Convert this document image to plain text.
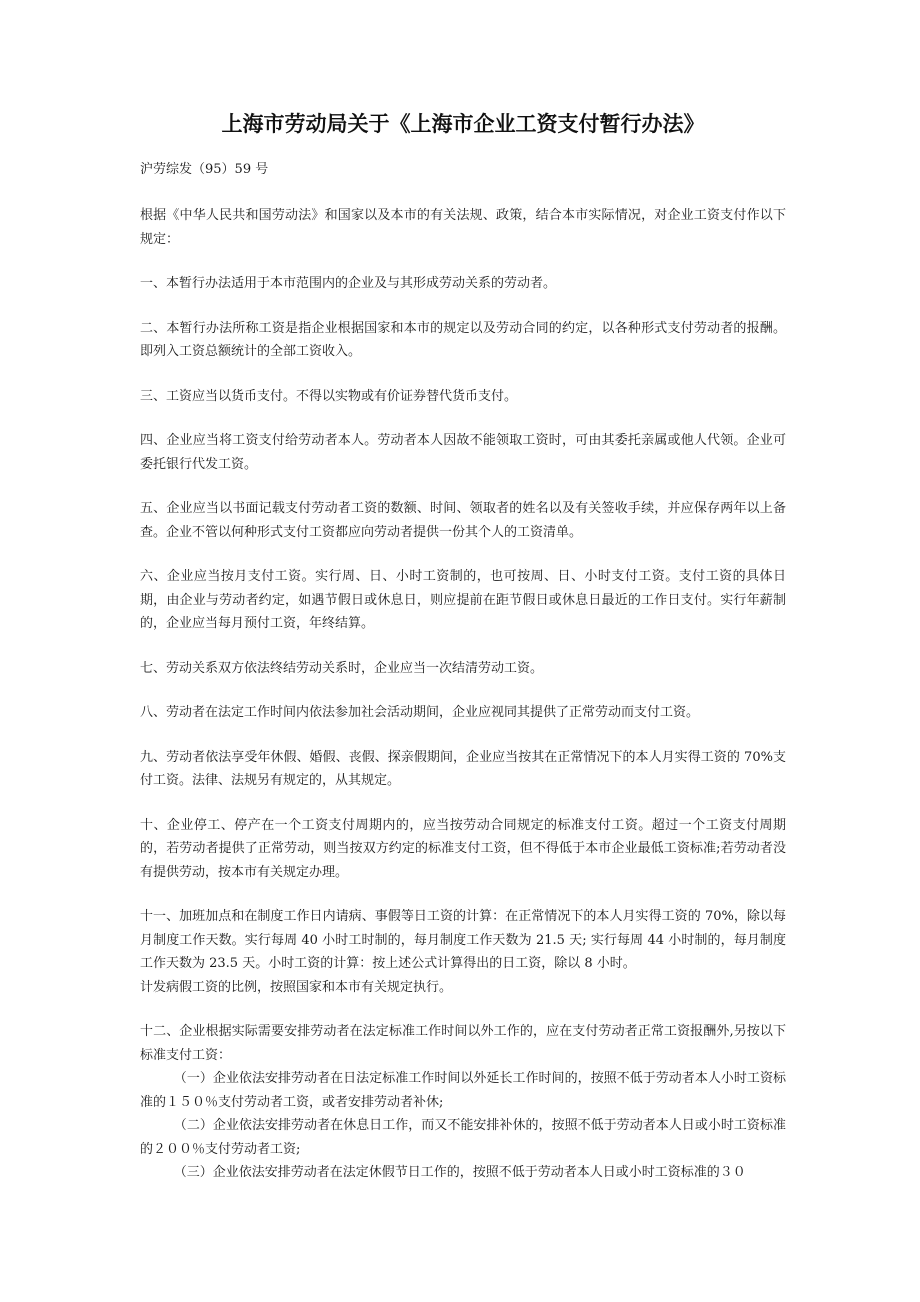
上海市劳动局关于《上海市企业工资支付暂行办法》

沪劳综发（95）59 号

根据《中华人民共和国劳动法》和国家以及本市的有关法规、政策，结合本市实际情况，对企业工资支付作以下规定：

一、本暂行办法适用于本市范围内的企业及与其形成劳动关系的劳动者。

二、本暂行办法所称工资是指企业根据国家和本市的规定以及劳动合同的约定，以各种形式支付劳动者的报酬。即列入工资总额统计的全部工资收入。

三、工资应当以货币支付。不得以实物或有价证券替代货币支付。

四、企业应当将工资支付给劳动者本人。劳动者本人因故不能领取工资时，可由其委托亲属或他人代领。企业可委托银行代发工资。

五、企业应当以书面记载支付劳动者工资的数额、时间、领取者的姓名以及有关签收手续，并应保存两年以上备查。企业不管以何种形式支付工资都应向劳动者提供一份其个人的工资清单。

六、企业应当按月支付工资。实行周、日、小时工资制的，也可按周、日、小时支付工资。支付工资的具体日期，由企业与劳动者约定，如遇节假日或休息日，则应提前在距节假日或休息日最近的工作日支付。实行年薪制的，企业应当每月预付工资，年终结算。

七、劳动关系双方依法终结劳动关系时，企业应当一次结清劳动工资。

八、劳动者在法定工作时间内依法参加社会活动期间，企业应视同其提供了正常劳动而支付工资。

九、劳动者依法享受年休假、婚假、丧假、探亲假期间，企业应当按其在正常情况下的本人月实得工资的 70%支付工资。法律、法规另有规定的，从其规定。

十、企业停工、停产在一个工资支付周期内的，应当按劳动合同规定的标准支付工资。超过一个工资支付周期的，若劳动者提供了正常劳动，则当按双方约定的标准支付工资，但不得低于本市企业最低工资标准;若劳动者没有提供劳动，按本市有关规定办理。

十一、加班加点和在制度工作日内请病、事假等日工资的计算：在正常情况下的本人月实得工资的 70%，除以每月制度工作天数。实行每周 40 小时工时制的，每月制度工作天数为 21.5 天; 实行每周 44 小时制的，每月制度工作天数为 23.5 天。小时工资的计算：按上述公式计算得出的日工资，除以 8 小时。

计发病假工资的比例，按照国家和本市有关规定执行。

十二、企业根据实际需要安排劳动者在法定标准工作时间以外工作的，应在支付劳动者正常工资报酬外,另按以下标准支付工资：

（一）企业依法安排劳动者在日法定标准工作时间以外延长工作时间的，按照不低于劳动者本人小时工资标准的１５０％支付劳动者工资，或者安排劳动者补休;

（二）企业依法安排劳动者在休息日工作，而又不能安排补休的，按照不低于劳动者本人日或小时工资标准的２００％支付劳动者工资;

（三）企业依法安排劳动者在法定休假节日工作的，按照不低于劳动者本人日或小时工资标准的３０
